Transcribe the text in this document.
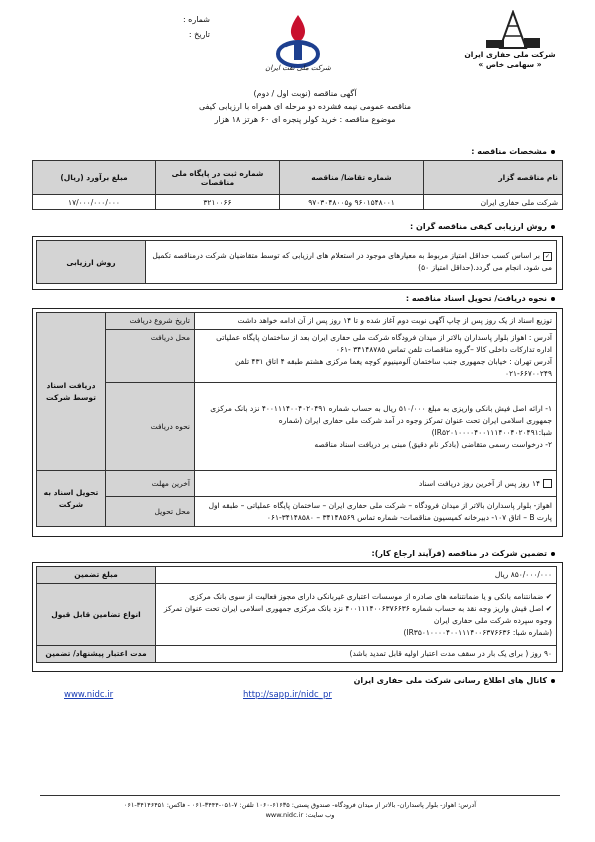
شماره :
تاریخ :
شرکت ملی نفت ایران
شرکت ملی حفاری ایران
« سهامی خاص »
آگهی مناقصه (نوبت اول / دوم)
مناقصه عمومی نیمه فشرده دو مرحله ای همراه با ارزیابی کیفی
موضوع مناقصه : خرید کولر پنجره ای ۶۰ هرتز ۱۸ هزار
مشخصات مناقصه :
نام مناقصه گزار	شماره تقاضا/ مناقصه	شماره ثبت در پایگاه ملی مناقصات	مبلغ برآورد (ریال)
شرکت ملی حفاری ایران	۹۶۰۱۵۴۸۰۰۱ و۹۷۰۳۰۴۸۰۰۵	۳۲۱۰۰۶۶	۱۷/۰۰۰/۰۰۰/۰۰۰
روش ارزیابی کیفی مناقصه گران :
✓بر اساس کسب حداقل امتیاز مربوط به معیارهای موجود در استعلام های ارزیابی که توسط متقاضیان شرکت درمناقصه تکمیل می شود، انجام می گردد.(حداقل امتیاز ۵۰)	روش ارزیابی
نحوه دریافت/ تحویل اسناد مناقصه :
توزیع اسناد از یک روز پس از چاپ آگهی نوبت دوم آغاز شده و تا ۱۴ روز پس از آن ادامه خواهد داشت	تاریخ شروع دریافت	دریافت اسناد توسط شرکت

آدرس : اهواز بلوار پاسداران بالاتر از میدان فرودگاه شرکت ملی حفاری ایران بعد از ساختمان پایگاه عملیاتی اداره تدارکات داخلی کالا –گروه مناقصات تلفن تماس ۳۴۱۴۸۷۸۵ -۰۶۱
آدرس تهران : خیابان جمهوری جنب ساختمان آلومینیوم کوچه یغما مرکزی هشتم طبقه ۴ اتاق ۴۳۱ تلفن ۶۶۷۰۰۲۴۹-۰۲۱	محل دریافت	

۱- ارائه اصل فیش بانکی واریزی به مبلغ ۵۱۰/۰۰۰ ریال به حساب شماره ۴۰۰۱۱۱۴۰۰۴۰۲۰۴۹۱ نزد بانک مرکزی جمهوری اسلامی ایران تحت عنوان تمرکز وجوه در آمد شرکت ملی حفاری ایران (شماره شبا:IR۵۲۰۱۰۰۰۰۴۰۰۱۱۱۴۰۰۴۰۲۰۴۹۱)
۲- درخواست رسمی متقاضی (بادکر نام دقیق) مبنی بر دریافت اسناد مناقصه	نحوه دریافت	
۱۴ روز پس از آخرین روز دریافت اسناد	آخرین مهلت	تحویل اسناد به شرکت
اهواز- بلوار پاسداران بالاتر از میدان فرودگاه – شرکت ملی حفاری ایران – ساختمان پایگاه عملیاتی – طبقه اول پارت B – اتاق ۱۰۷- دبیرخانه کمیسیون مناقصات- شماره تماس ۳۴۱۴۸۵۶۹ – ۳۴۱۴۸۵۸۰-۰۶۱	محل تحویل	
تضمین شرکت در مناقصه (فرآیند ارجاع کار):
۸۵۰/۰۰۰/۰۰۰ ریال	مبلغ تضمین

✔ ضمانتنامه بانکی و یا ضمانتنامه های صادره از موسسات اعتباری غیربانکی دارای مجوز فعالیت از سوی بانک مرکزی
✔ اصل فیش واریز وجه نقد به حساب شماره ۴۰۰۱۱۱۴۰۰۶۳۷۶۶۳۶ نزد بانک مرکزی جمهوری اسلامی ایران تحت عنوان تمرکز وجوه سپرده شرکت ملی حفاری ایران
(شماره شبا: IR۳۵۰۱۰۰۰۰۴۰۰۱۱۱۴۰۰۶۳۷۶۶۳۶)	انواع تضامین قابل قبول
۹۰ روز ( برای یک بار در سقف مدت اعتبار اولیه قابل تمدید باشد)	مدت اعتبار پیشنهاد/ تضمین
کانال های اطلاع رسانی شرکت ملی حفاری ایران
www.nidc.ir	http://sapp.ir/nidc_pr
آدرس: اهواز- بلوار پاسداران- بالاتر از میدان فرودگاه- صندوق پستی: ۶۱۶۳۵-۱۰۶۰ تلفن: ۷-۰۵۱-۳۴۴۴-۰۶۱ - فاکس: ۳۴۱۴۶۴۵۱-۰۶۱
وب سایت: www.nidc.ir
